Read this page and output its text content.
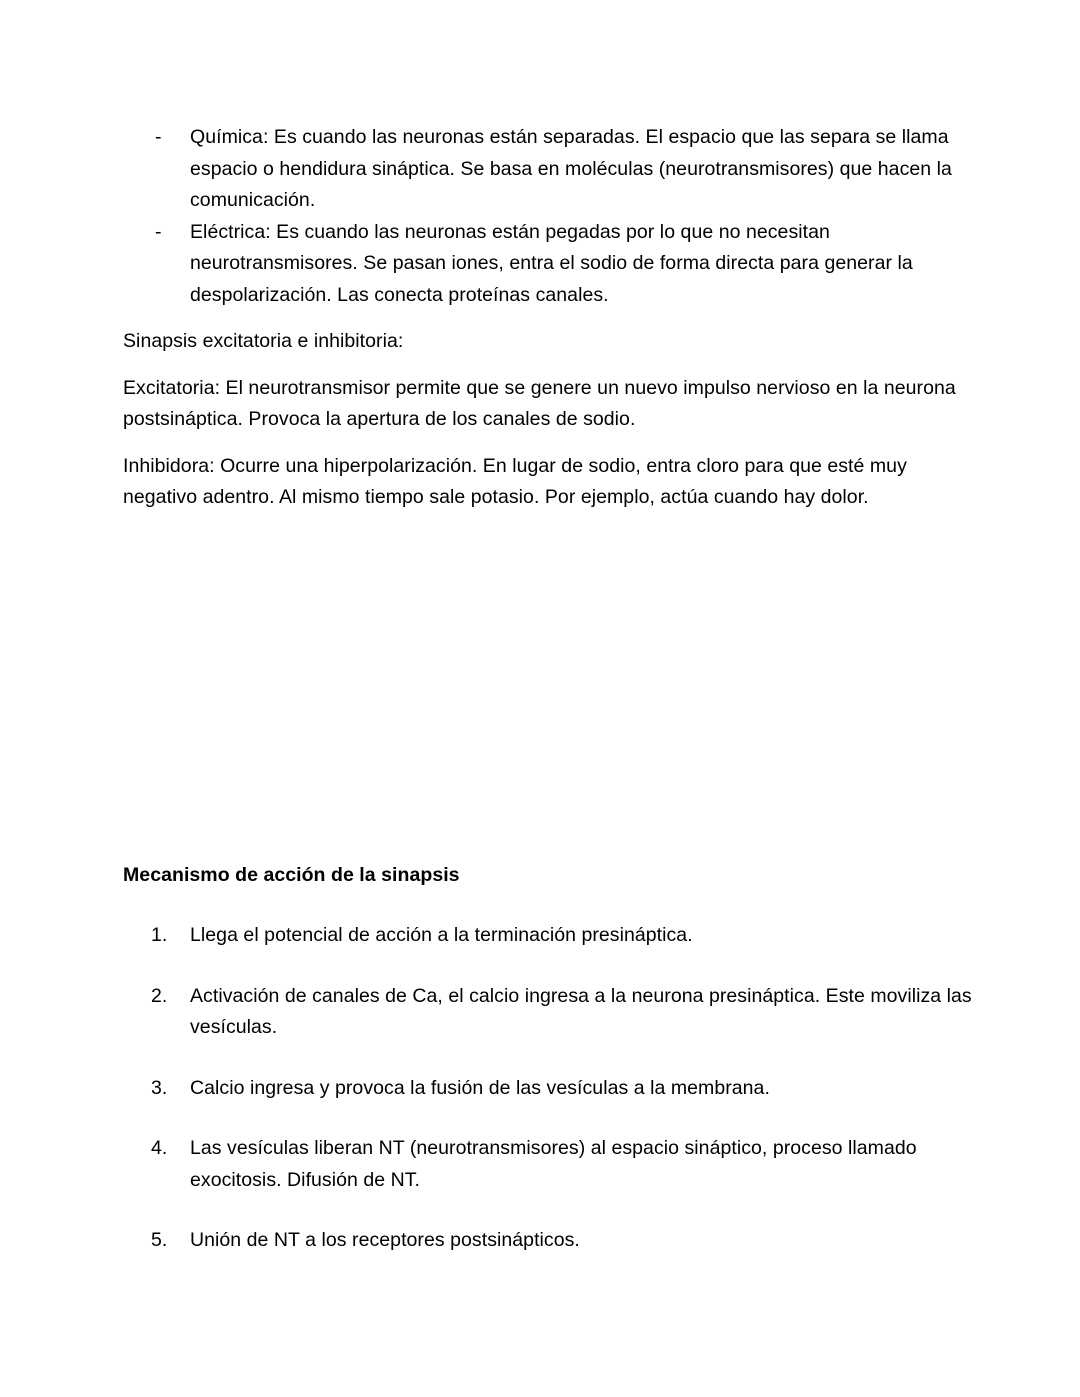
- Química: Es cuando las neuronas están separadas. El espacio que las separa se llama espacio o hendidura sináptica. Se basa en moléculas (neurotransmisores) que hacen la comunicación.
- Eléctrica: Es cuando las neuronas están pegadas por lo que no necesitan neurotransmisores. Se pasan iones, entra el sodio de forma directa para generar la despolarización. Las conecta proteínas canales.

Sinapsis excitatoria e inhibitoria:

Excitatoria: El neurotransmisor permite que se genere un nuevo impulso nervioso en la neurona postsináptica. Provoca la apertura de los canales de sodio.

Inhibidora: Ocurre una hiperpolarización. En lugar de sodio, entra cloro para que esté muy negativo adentro. Al mismo tiempo sale potasio. Por ejemplo, actúa cuando hay dolor.

Mecanismo de acción de la sinapsis

1.	Llega el potencial de acción a la terminación presináptica.
2.	Activación de canales de Ca, el calcio ingresa a la neurona presináptica. Este moviliza las vesículas.
3.	Calcio ingresa y provoca la fusión de las vesículas a la membrana.
4.	Las vesículas liberan NT (neurotransmisores) al espacio sináptico, proceso llamado exocitosis. Difusión de NT.
5.	Unión de NT a los receptores postsinápticos.
